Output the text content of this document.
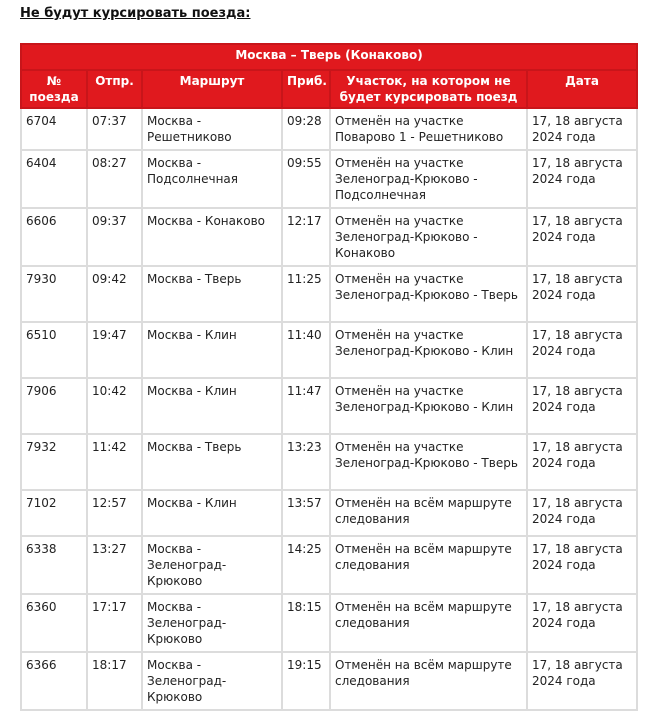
Не будут курсировать поезда:
Москва – Тверь (Конаково)					
№ поезда	Отпр.	Маршрут	Приб.	Участок, на котором не будет курсировать поезд	Дата
6704	07:37	Москва - Решетниково	09:28	Отменён на участке Поварово 1 - Решетниково	17, 18 августа 2024 года
6404	08:27	Москва - Подсолнечная	09:55	Отменён на участке Зеленоград-Крюково - Подсолнечная	17, 18 августа 2024 года
6606	09:37	Москва - Конаково	12:17	Отменён на участке Зеленоград-Крюково - Конаково	17, 18 августа 2024 года
7930	09:42	Москва - Тверь	11:25	Отменён на участке Зеленоград-Крюково - Тверь	17, 18 августа 2024 года
6510	19:47	Москва - Клин	11:40	Отменён на участке Зеленоград-Крюково - Клин	17, 18 августа 2024 года
7906	10:42	Москва - Клин	11:47	Отменён на участке Зеленоград-Крюково - Клин	17, 18 августа 2024 года
7932	11:42	Москва - Тверь	13:23	Отменён на участке Зеленоград-Крюково - Тверь	17, 18 августа 2024 года
7102	12:57	Москва - Клин	13:57	Отменён на всём маршруте следования	17, 18 августа 2024 года
6338	13:27	Москва - Зеленоград-Крюково	14:25	Отменён на всём маршруте следования	17, 18 августа 2024 года
6360	17:17	Москва - Зеленоград-Крюково	18:15	Отменён на всём маршруте следования	17, 18 августа 2024 года
6366	18:17	Москва - Зеленоград-Крюково	19:15	Отменён на всём маршруте следования	17, 18 августа 2024 года
